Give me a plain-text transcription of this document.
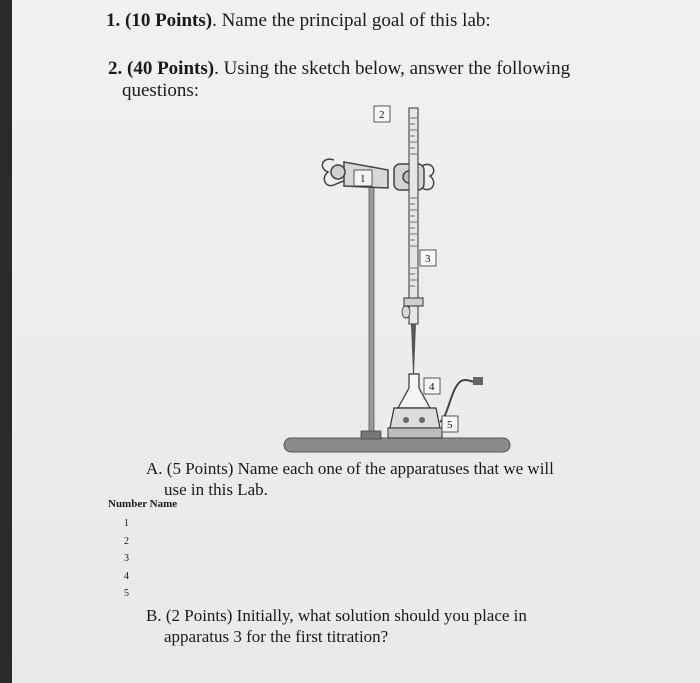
1. (10 Points). Name the principal goal of this lab:
2. (40 Points). Using the sketch below, answer the following
questions:
2
1
3
4
5
A. (5 Points) Name each one of the apparatuses that we will
use in this Lab.
Number Name
1
2
3
4
5
B. (2 Points) Initially, what solution should you place in
apparatus 3 for the first titration?
